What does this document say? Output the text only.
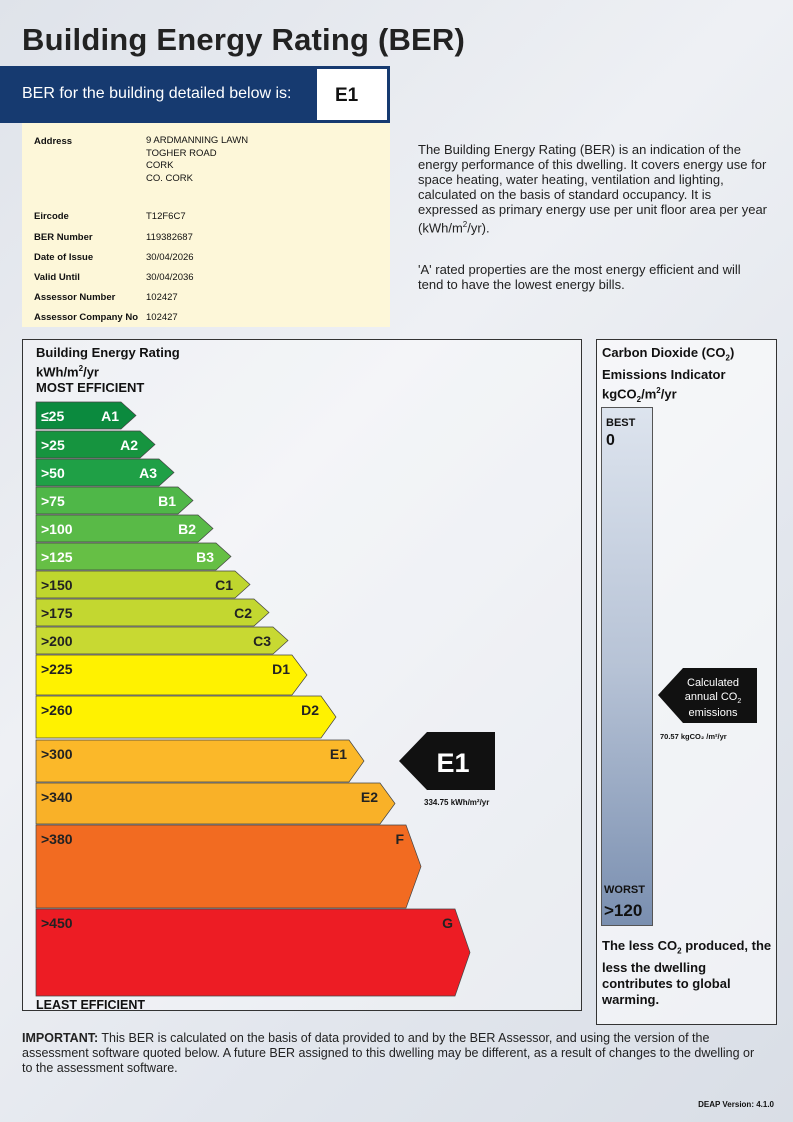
Building Energy Rating (BER)
BER for the building detailed below is:	E1
Address	9 ARDMANNING LAWN
TOGHER ROAD
CORK
CO. CORK
Eircode	T12F6C7
BER Number	119382687
Date of Issue	30/04/2026
Valid Until	30/04/2036
Assessor Number	102427
Assessor Company No 102427
The Building Energy Rating (BER) is an indication of the energy performance of this dwelling. It covers energy use for space heating, water heating, ventilation and lighting, calculated on the basis of standard occupancy. It is expressed as primary energy use per unit floor area per year $(kWh/m^2/yr)$.
'A' rated properties are the most energy efficient and will tend to have the lowest energy bills.
Building Energy Rating
kWh/$m^2/yr$
MOST EFFICIENT
≤25	A1
>25	A2
>50	A3
>75	B1
>100	B2
>125	B3
>150	C1
>175	C2
>200	C3
>225	D1
>260	D2
>300	E1
>340	E2
>380	F
>450	G
E1
334.75 kWh/m²/yr
LEAST EFFICIENT
Carbon Dioxide $(CO_2)$
Emissions Indicator
$kgCO_2/m^2/yr$
BEST
0
WORST
>120
Calculated
annual $CO_2$
emissions
70.57 kgCO₂ /m²/yr
The less $CO_2$ produced, the less the dwelling contributes to global warming.
IMPORTANT: This BER is calculated on the basis of data provided to and by the BER Assessor, and using the version of the assessment software quoted below. A future BER assigned to this dwelling may be different, as a result of changes to the dwelling or to the assessment software.
DEAP Version: 4.1.0
